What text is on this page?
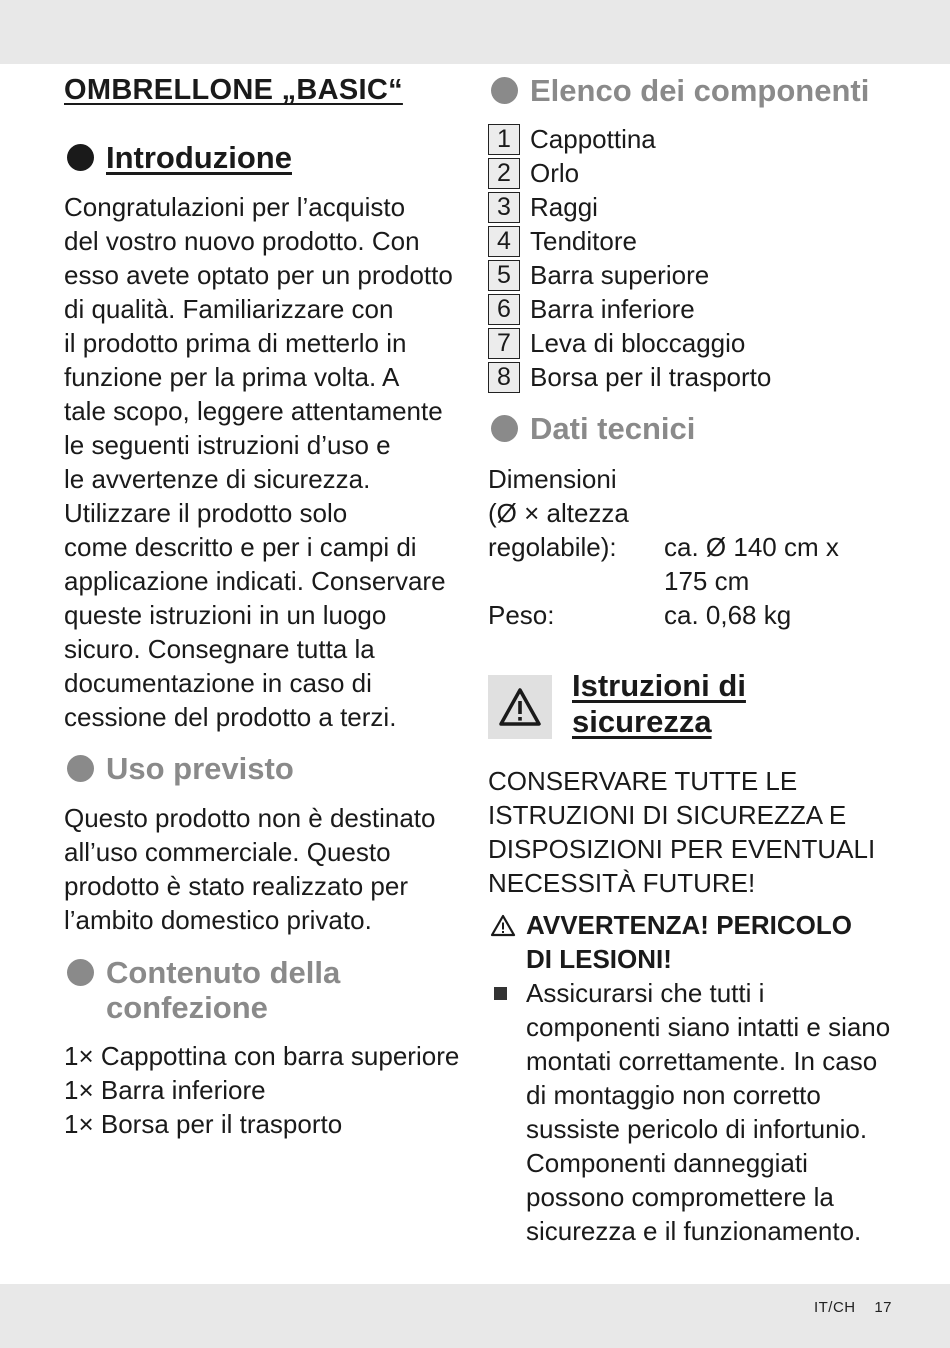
OMBRELLONE „BASIC“
Introduzione
Congratulazioni per l’acquisto
del vostro nuovo prodotto. Con
esso avete optato per un prodotto
di qualità. Familiarizzare con
il prodotto prima di metterlo in
funzione per la prima volta. A
tale scopo, leggere attentamente
le seguenti istruzioni d’uso e
le avvertenze di sicurezza.
Utilizzare il prodotto solo
come descritto e per i campi di
applicazione indicati. Conservare
queste istruzioni in un luogo
sicuro. Consegnare tutta la
documentazione in caso di
cessione del prodotto a terzi.
Uso previsto
Questo prodotto non è destinato
all’uso commerciale. Questo
prodotto è stato realizzato per
l’ambito domestico privato.
Contenuto della
confezione
1× Cappottina con barra superiore
1× Barra inferiore
1× Borsa per il trasporto
Elenco dei componenti
1 Cappottina
2 Orlo
3 Raggi
4 Tenditore
5 Barra superiore
6 Barra inferiore
7 Leva di bloccaggio
8 Borsa per il trasporto
Dati tecnici
Dimensioni
(Ø × altezza
regolabile):	ca. Ø 140 cm x
175 cm
Peso:	ca. 0,68 kg
Istruzioni di
sicurezza
CONSERVARE TUTTE LE
ISTRUZIONI DI SICUREZZA E
DISPOSIZIONI PER EVENTUALI
NECESSITÀ FUTURE!
AVVERTENZA! PERICOLO
DI LESIONI!
Assicurarsi che tutti i
componenti siano intatti e siano
montati correttamente. In caso
di montaggio non corretto
sussiste pericolo di infortunio.
Componenti danneggiati
possono compromettere la
sicurezza e il funzionamento.
IT/CH 17
